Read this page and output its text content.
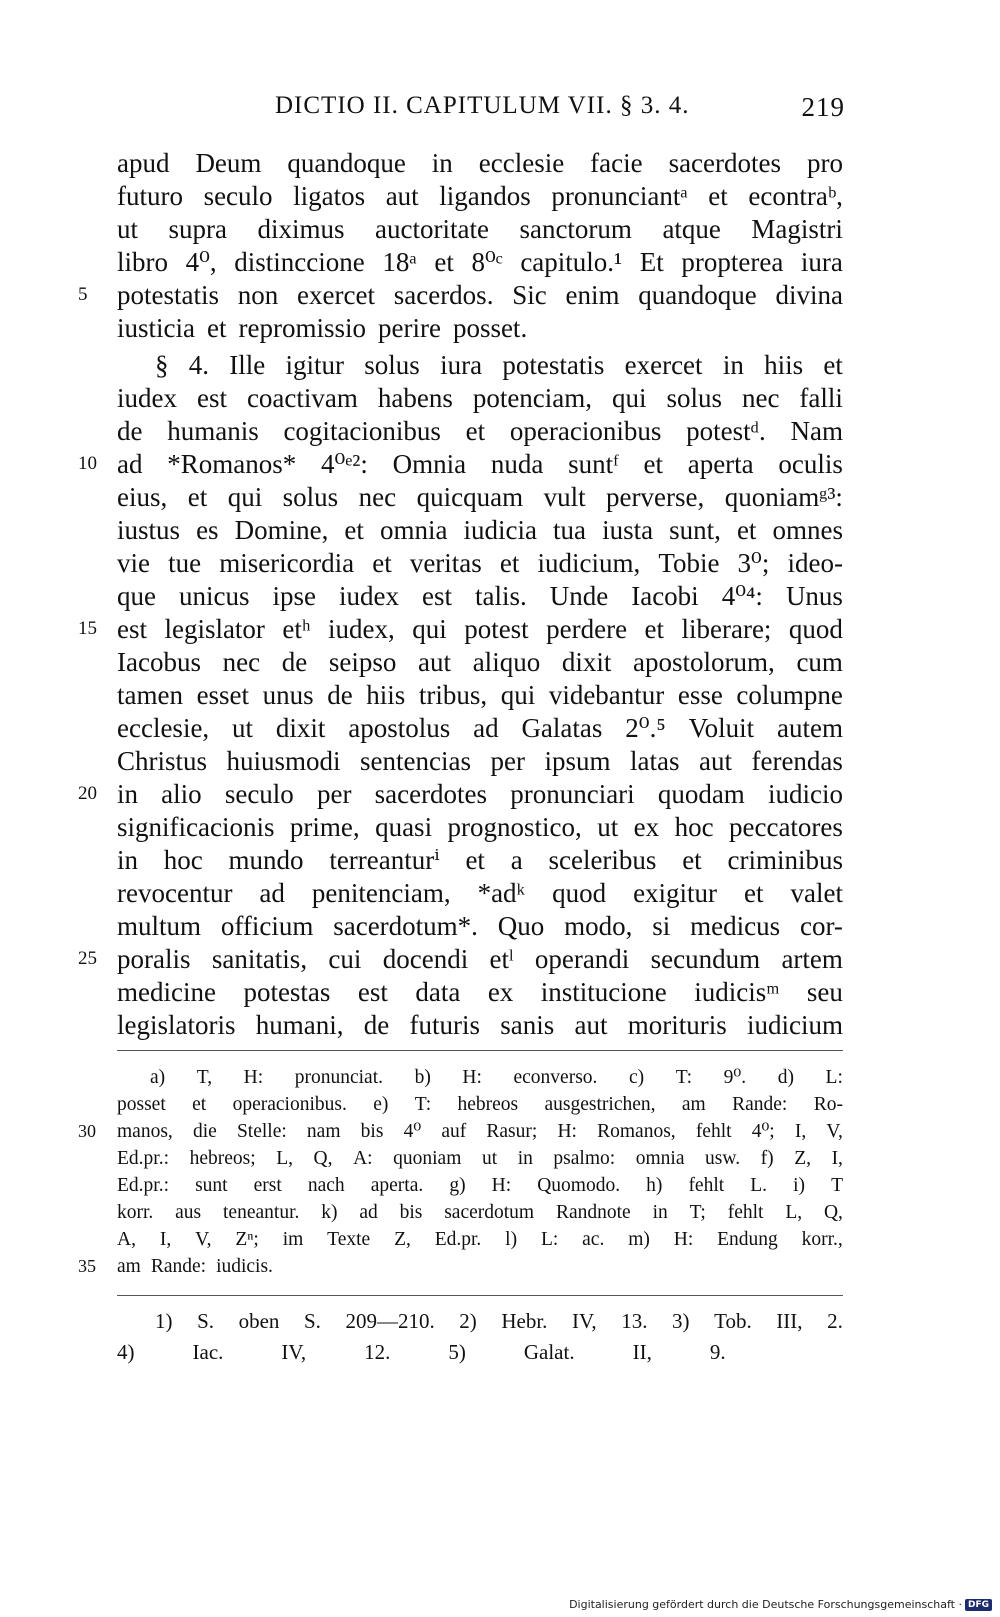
DICTIO II. CAPITULUM VII. § 3. 4.	219
apud Deum quandoque in ecclesie facie sacerdotes pro
futuro seculo ligatos aut ligandos pronunciantᵃ et econtraᵇ,
ut supra diximus auctoritate sanctorum atque Magistri
libro 4⁰, distinccione 18ᵃ et 8⁰ᶜ capitulo.¹ Et propterea iura
potestatis non exercet sacerdos. Sic enim quandoque divina
iusticia et repromissio perire posset.
§ 4. Ille igitur solus iura potestatis exercet in hiis et
iudex est coactivam habens potenciam, qui solus nec falli
de humanis cogitacionibus et operacionibus potestᵈ. Nam
ad *Romanos* 4⁰ᵉ²: Omnia nuda suntᶠ et aperta oculis
eius, et qui solus nec quicquam vult perverse, quoniamᵍ³:
iustus es Domine, et omnia iudicia tua iusta sunt, et omnes
vie tue misericordia et veritas et iudicium, Tobie 3⁰; ideo-
que unicus ipse iudex est talis. Unde Iacobi 4⁰⁴: Unus
est legislator etʰ iudex, qui potest perdere et liberare; quod
Iacobus nec de seipso aut aliquo dixit apostolorum, cum
tamen esset unus de hiis tribus, qui videbantur esse columpne
ecclesie, ut dixit apostolus ad Galatas 2⁰.⁵ Voluit autem
Christus huiusmodi sentencias per ipsum latas aut ferendas
in alio seculo per sacerdotes pronunciari quodam iudicio
significacionis prime, quasi prognostico, ut ex hoc peccatores
in hoc mundo terreanturⁱ et a sceleribus et criminibus
revocentur ad penitenciam, *adᵏ quod exigitur et valet
multum officium sacerdotum*. Quo modo, si medicus cor-
poralis sanitatis, cui docendi etˡ operandi secundum artem
medicine potestas est data ex institucione iudicisᵐ seu
legislatoris humani, de futuris sanis aut morituris iudicium
5
10
15
20
25
a) T, H: pronunciat. b) H: econverso. c) T: 9⁰. d) L:
posset et operacionibus. e) T: hebreos ausgestrichen, am Rande: Ro-
manos, die Stelle: nam bis 4⁰ auf Rasur; H: Romanos, fehlt 4⁰; I, V,
Ed.pr.: hebreos; L, Q, A: quoniam ut in psalmo: omnia usw. f) Z, I,
Ed.pr.: sunt erst nach aperta. g) H: Quomodo. h) fehlt L. i) T
korr. aus teneantur. k) ad bis sacerdotum Randnote in T; fehlt L, Q,
A, I, V, Zⁿ; im Texte Z, Ed.pr. l) L: ac. m) H: Endung korr.,
am Rande: iudicis.
30
35
1) S. oben S. 209—210. 2) Hebr. IV, 13. 3) Tob. III, 2.
4)	Iac.	IV,	12.	5)	Galat.	II,	9.
Digitalisierung gefördert durch die Deutsche Forschungsgemeinschaft · DFG
